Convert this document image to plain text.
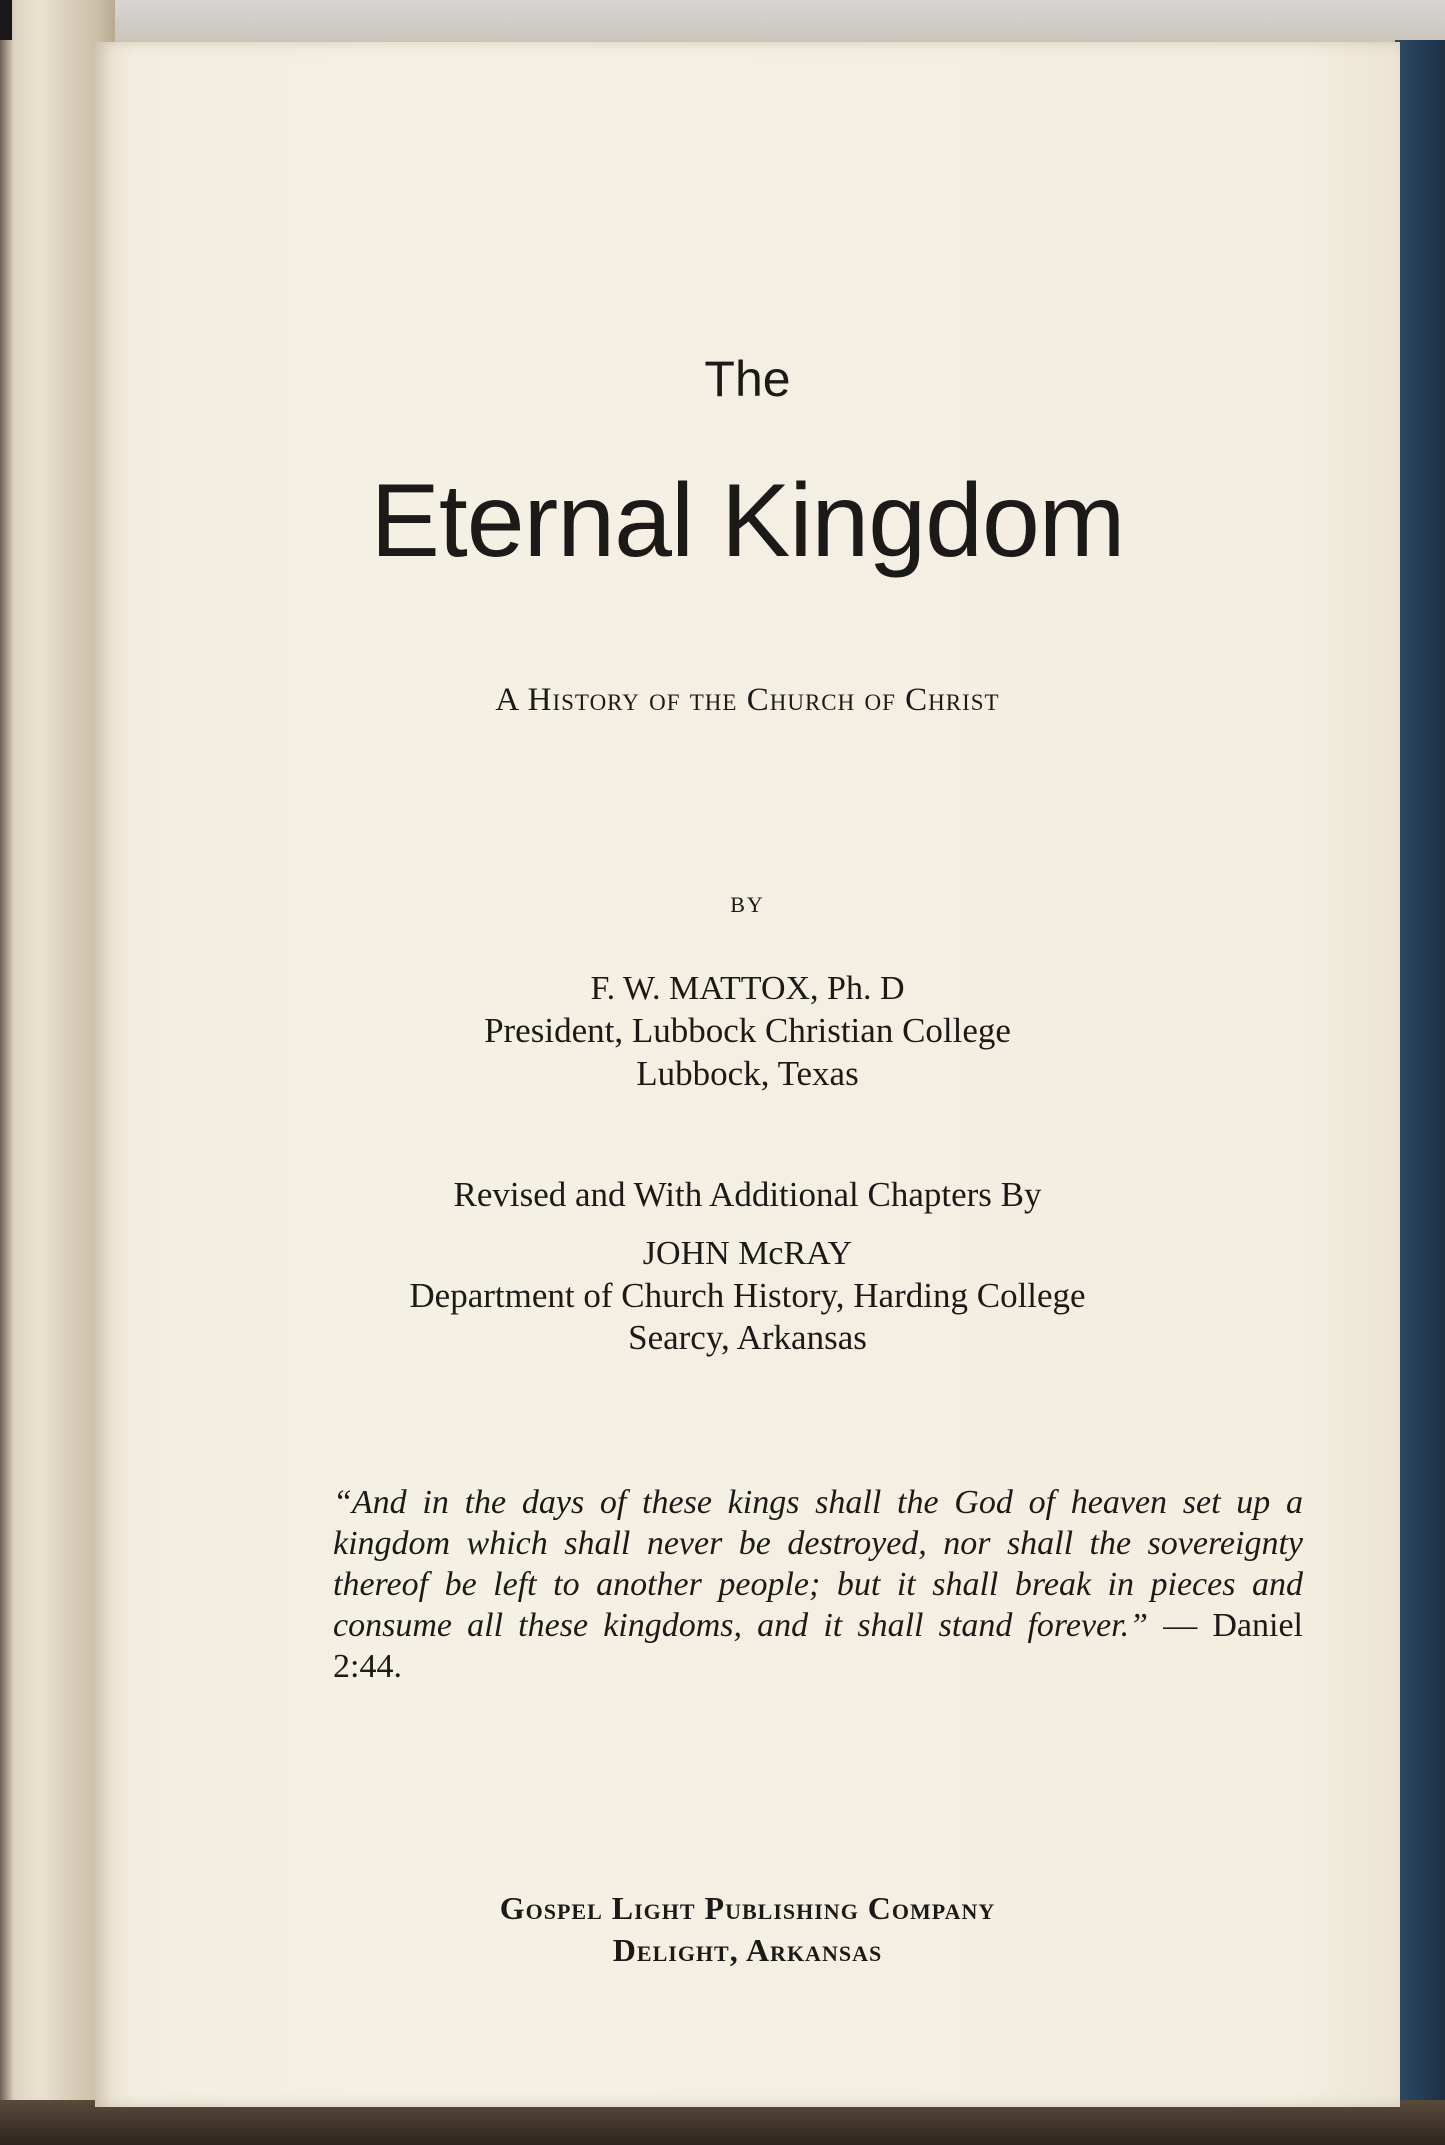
The
Eternal Kingdom
A History of the Church of Christ
BY
F. W. MATTOX, Ph. D
President, Lubbock Christian College
Lubbock, Texas
Revised and With Additional Chapters By
JOHN McRAY
Department of Church History, Harding College
Searcy, Arkansas
“And in the days of these kings shall the God of heaven set up a kingdom which shall never be destroyed, nor shall the sovereignty thereof be left to another people; but it shall break in pieces and consume all these kingdoms, and it shall stand forever.” — Daniel 2:44.
Gospel Light Publishing Company
Delight, Arkansas
